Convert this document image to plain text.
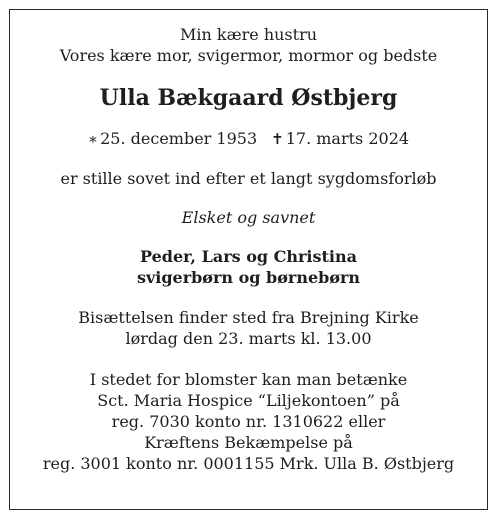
Min kære hustru
Vores kære mor, svigermor, mormor og bedste
Ulla Bækgaard Østbjerg
∗ 25. december 1953 ✝ 17. marts 2024
er stille sovet ind efter et langt sygdomsforløb
Elsket og savnet
Peder, Lars og Christina
svigerbørn og børnebørn
Bisættelsen finder sted fra Brejning Kirke
lørdag den 23. marts kl. 13.00
I stedet for blomster kan man betænke
Sct. Maria Hospice “Liljekontoen” på
reg. 7030 konto nr. 1310622 eller
Kræftens Bekæmpelse på
reg. 3001 konto nr. 0001155 Mrk. Ulla B. Østbjerg
